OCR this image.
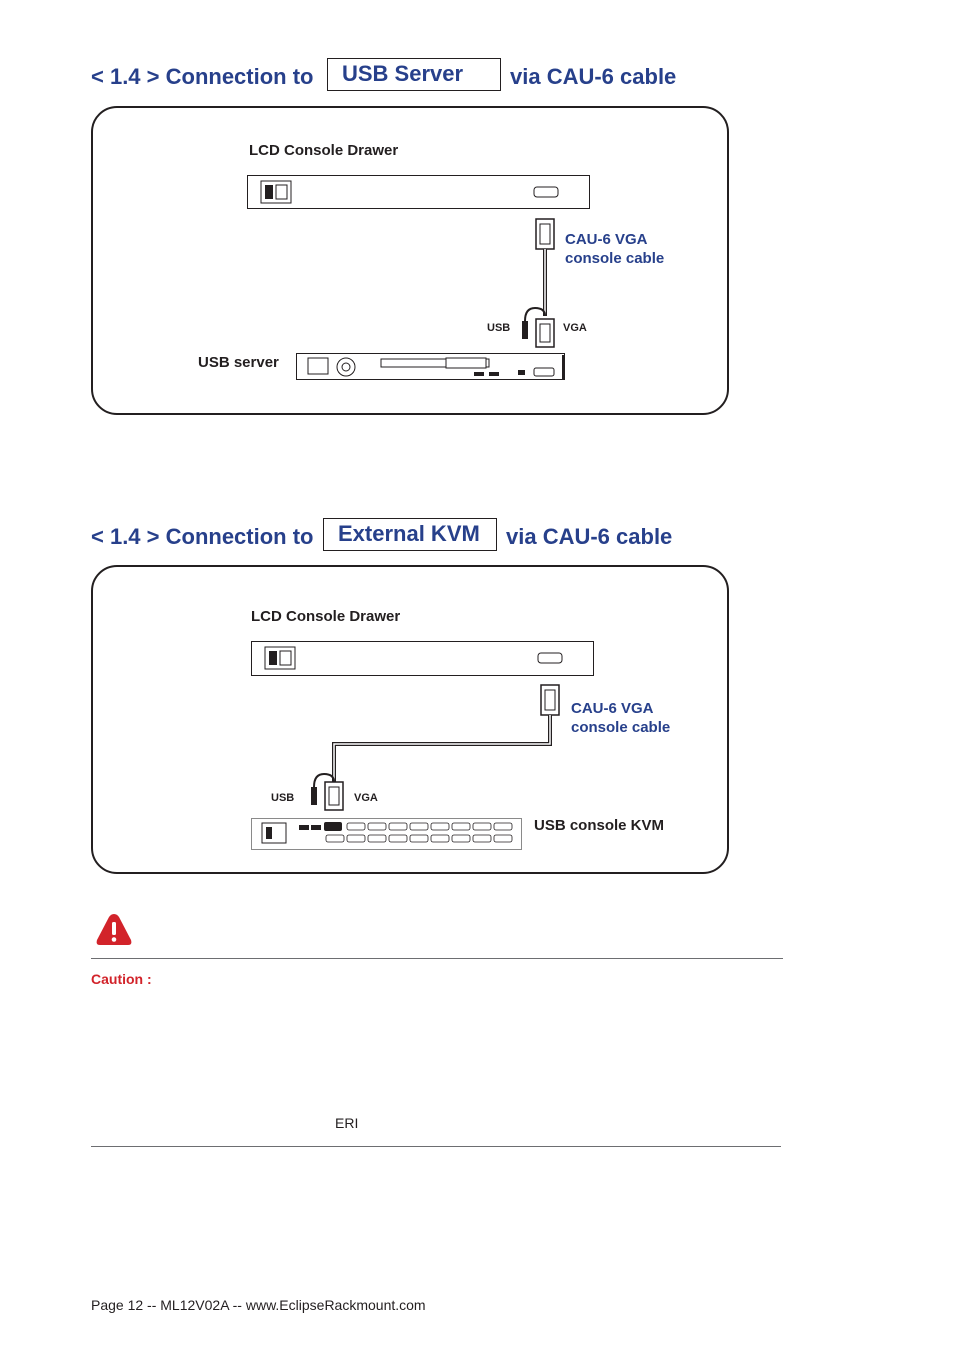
< 1.4 > Connection to	USB Server	via CAU-6 cable
LCD Console Drawer
CAU-6 VGA
console cable
USB	VGA
USB server
< 1.4 > Connection to	External KVM	via CAU-6 cable
LCD Console Drawer
CAU-6 VGA
console cable
USB	VGA
USB console KVM
Caution :
ERI
Page 12 -- ML12V02A -- www.EclipseRackmount.com
